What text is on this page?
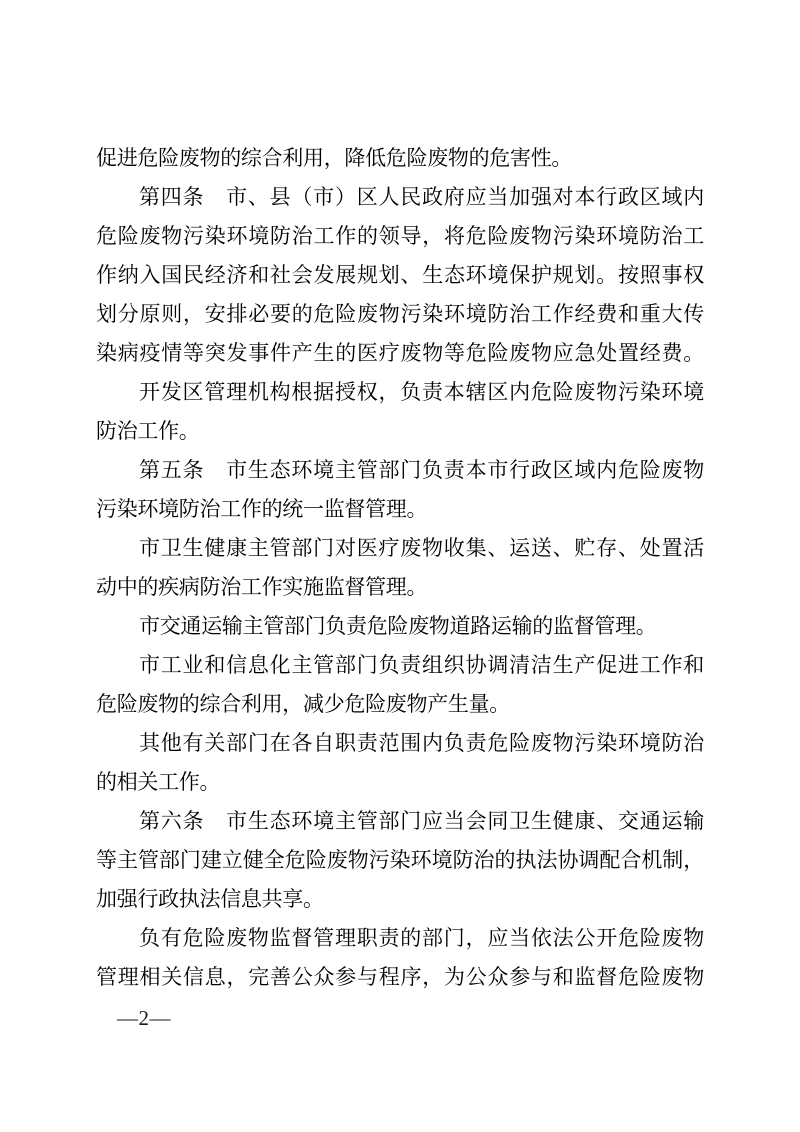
促进危险废物的综合利用，降低危险废物的危害性。
第四条　市、县（市）区人民政府应当加强对本行政区域内
危险废物污染环境防治工作的领导，将危险废物污染环境防治工
作纳入国民经济和社会发展规划、生态环境保护规划。按照事权
划分原则，安排必要的危险废物污染环境防治工作经费和重大传
染病疫情等突发事件产生的医疗废物等危险废物应急处置经费。
开发区管理机构根据授权，负责本辖区内危险废物污染环境
防治工作。
第五条　市生态环境主管部门负责本市行政区域内危险废物
污染环境防治工作的统一监督管理。
市卫生健康主管部门对医疗废物收集、运送、贮存、处置活
动中的疾病防治工作实施监督管理。
市交通运输主管部门负责危险废物道路运输的监督管理。
市工业和信息化主管部门负责组织协调清洁生产促进工作和
危险废物的综合利用，减少危险废物产生量。
其他有关部门在各自职责范围内负责危险废物污染环境防治
的相关工作。
第六条　市生态环境主管部门应当会同卫生健康、交通运输
等主管部门建立健全危险废物污染环境防治的执法协调配合机制，
加强行政执法信息共享。
负有危险废物监督管理职责的部门，应当依法公开危险废物
管理相关信息，完善公众参与程序，为公众参与和监督危险废物
—2—
